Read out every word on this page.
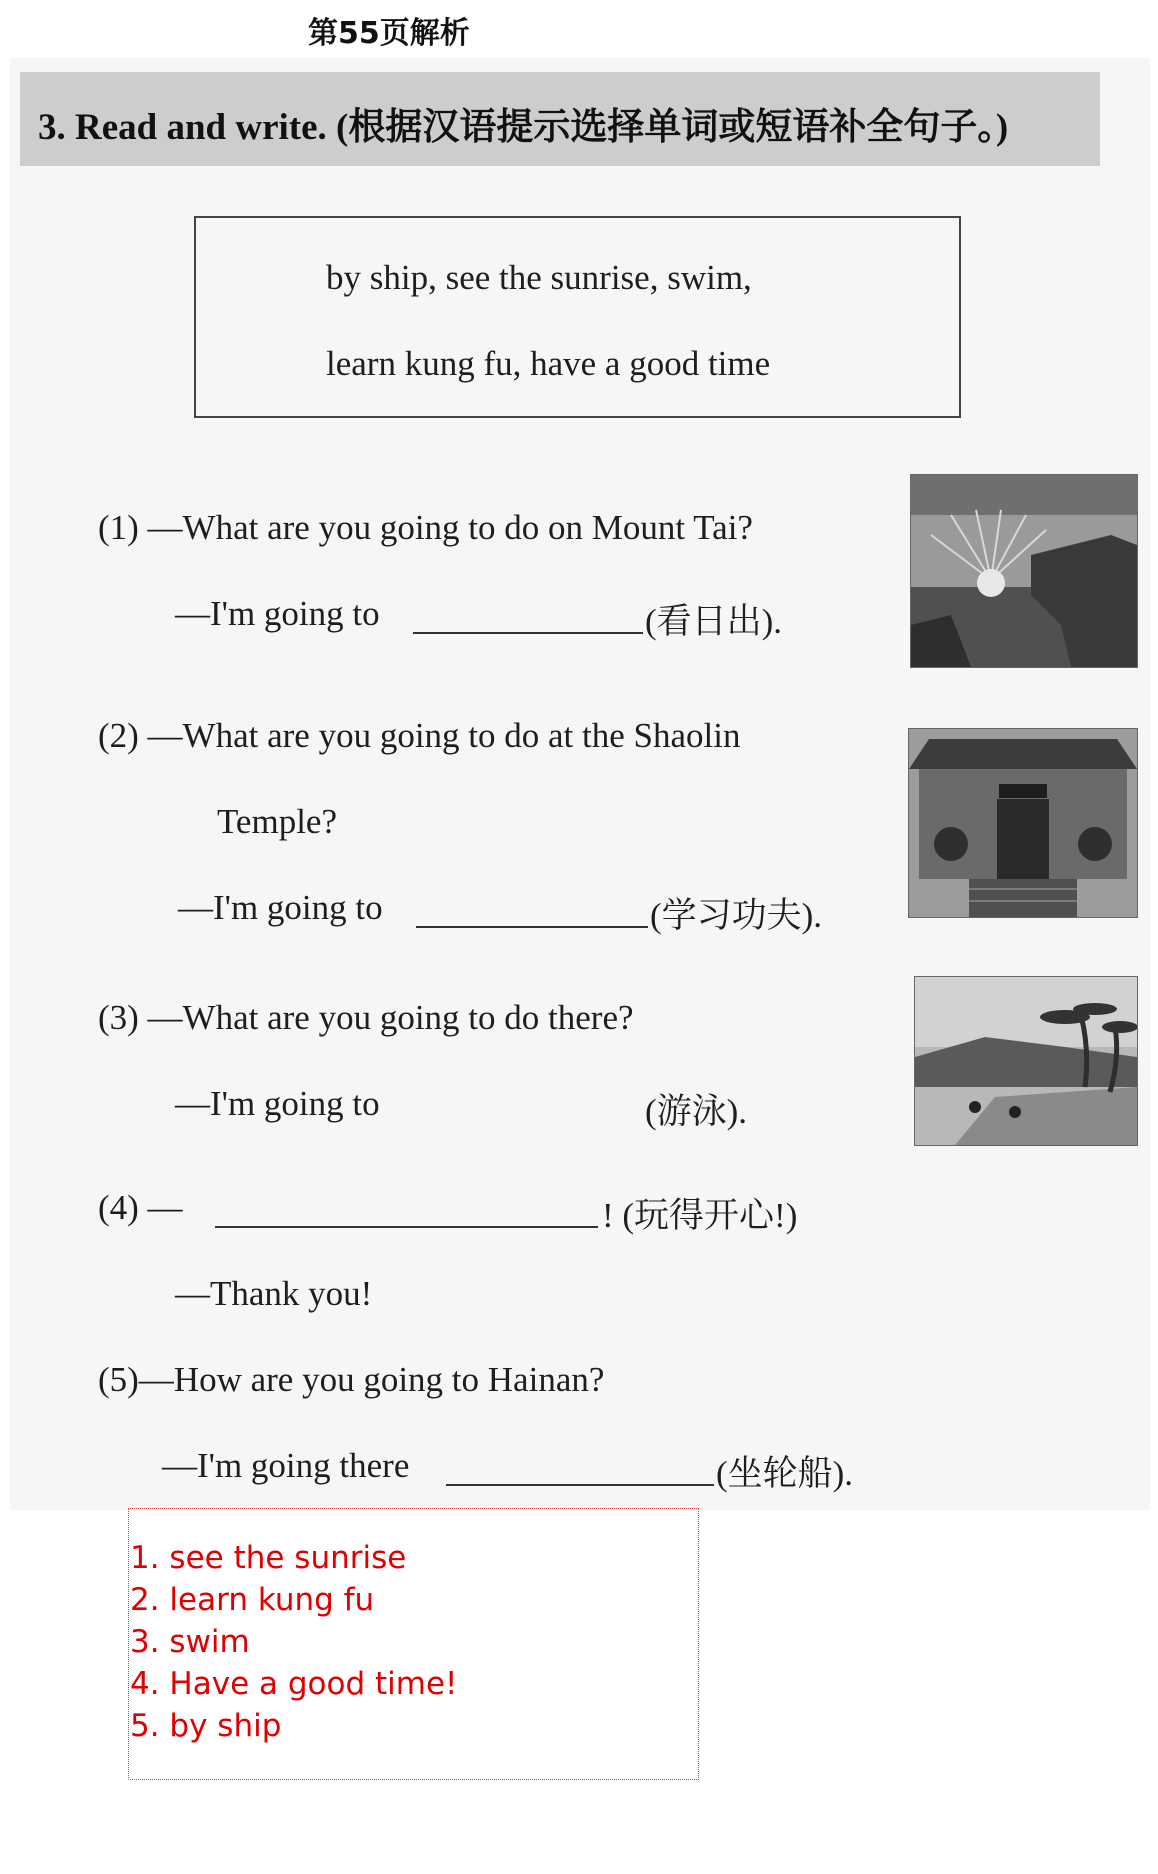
第55页解析
3. Read and write. (根据汉语提示选择单词或短语补全句子。)
by ship, see the sunrise, swim,
learn kung fu, have a good time
(1) —What are you going to do on Mount Tai?
—I'm going to	(看日出).
(2) —What are you going to do at the Shaolin
Temple?
—I'm going to	(学习功夫).
(3) —What are you going to do there?
—I'm going to	(游泳).
(4) —	! (玩得开心!)
—Thank you!
(5)—How are you going to Hainan?
—I'm going there	(坐轮船).
1. see the sunrise
2. learn kung fu
3. swim
4. Have a good time!
5. by ship
